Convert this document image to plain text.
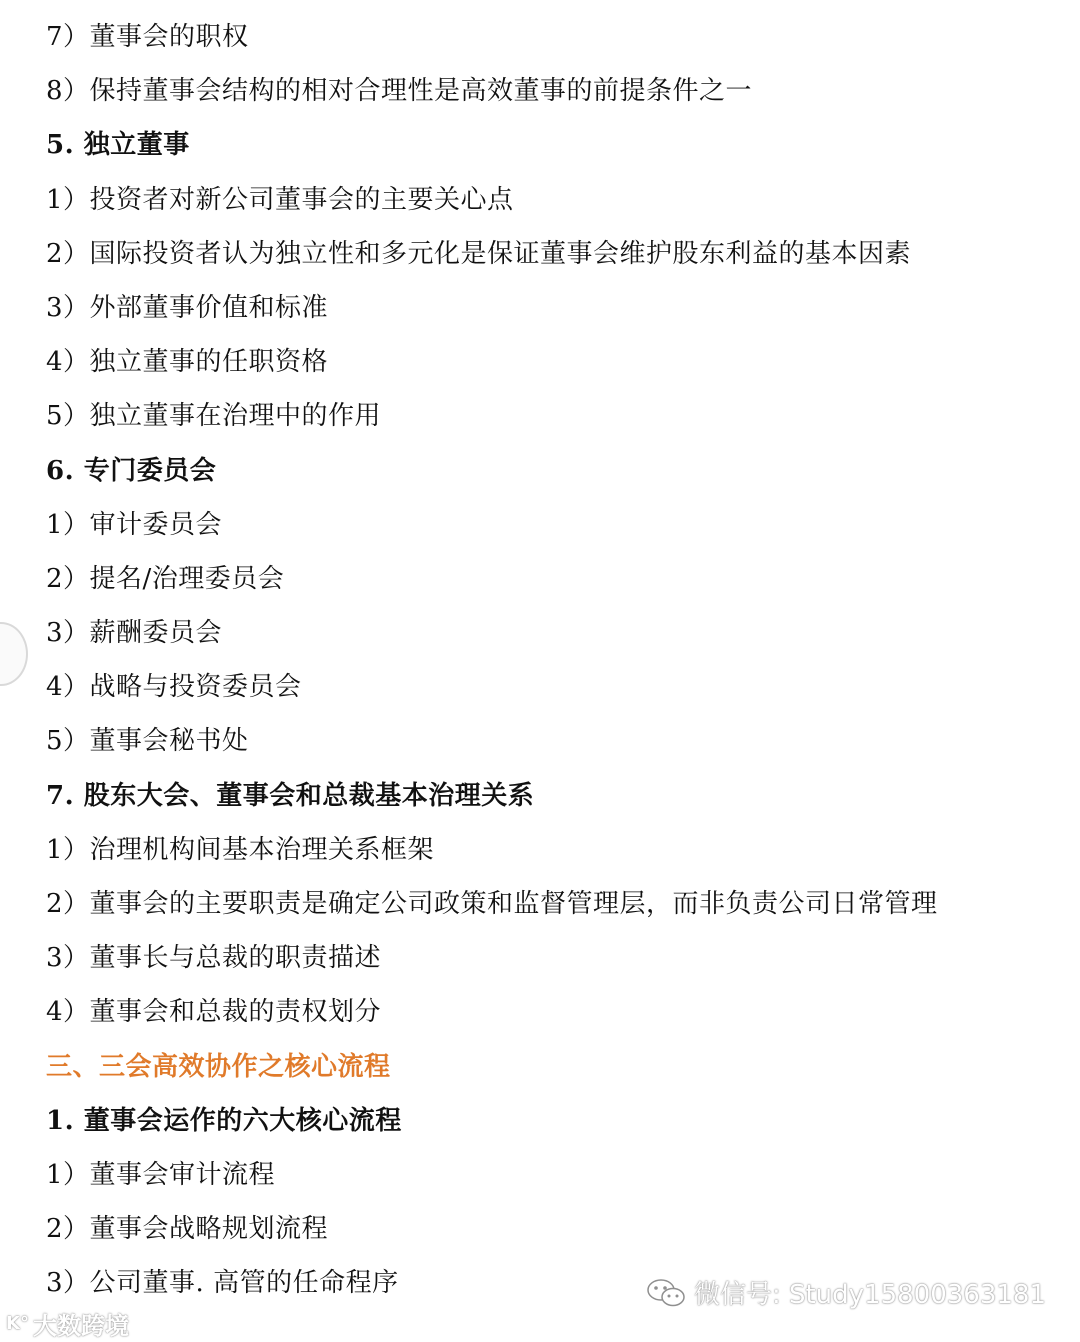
7）董事会的职权
8）保持董事会结构的相对合理性是高效董事的前提条件之一
5. 独立董事
1）投资者对新公司董事会的主要关心点
2）国际投资者认为独立性和多元化是保证董事会维护股东利益的基本因素
3）外部董事价值和标准
4）独立董事的任职资格
5）独立董事在治理中的作用
6. 专门委员会
1）审计委员会
2）提名/治理委员会
3）薪酬委员会
4）战略与投资委员会
5）董事会秘书处
7. 股东大会、董事会和总裁基本治理关系
1）治理机构间基本治理关系框架
2）董事会的主要职责是确定公司政策和监督管理层，而非负责公司日常管理
3）董事长与总裁的职责描述
4）董事会和总裁的责权划分
三、三会高效协作之核心流程
1. 董事会运作的六大核心流程
1）董事会审计流程
2）董事会战略规划流程
3）公司董事. 高管的任命程序
K° 大数跨境
微信号: Study15800363181
